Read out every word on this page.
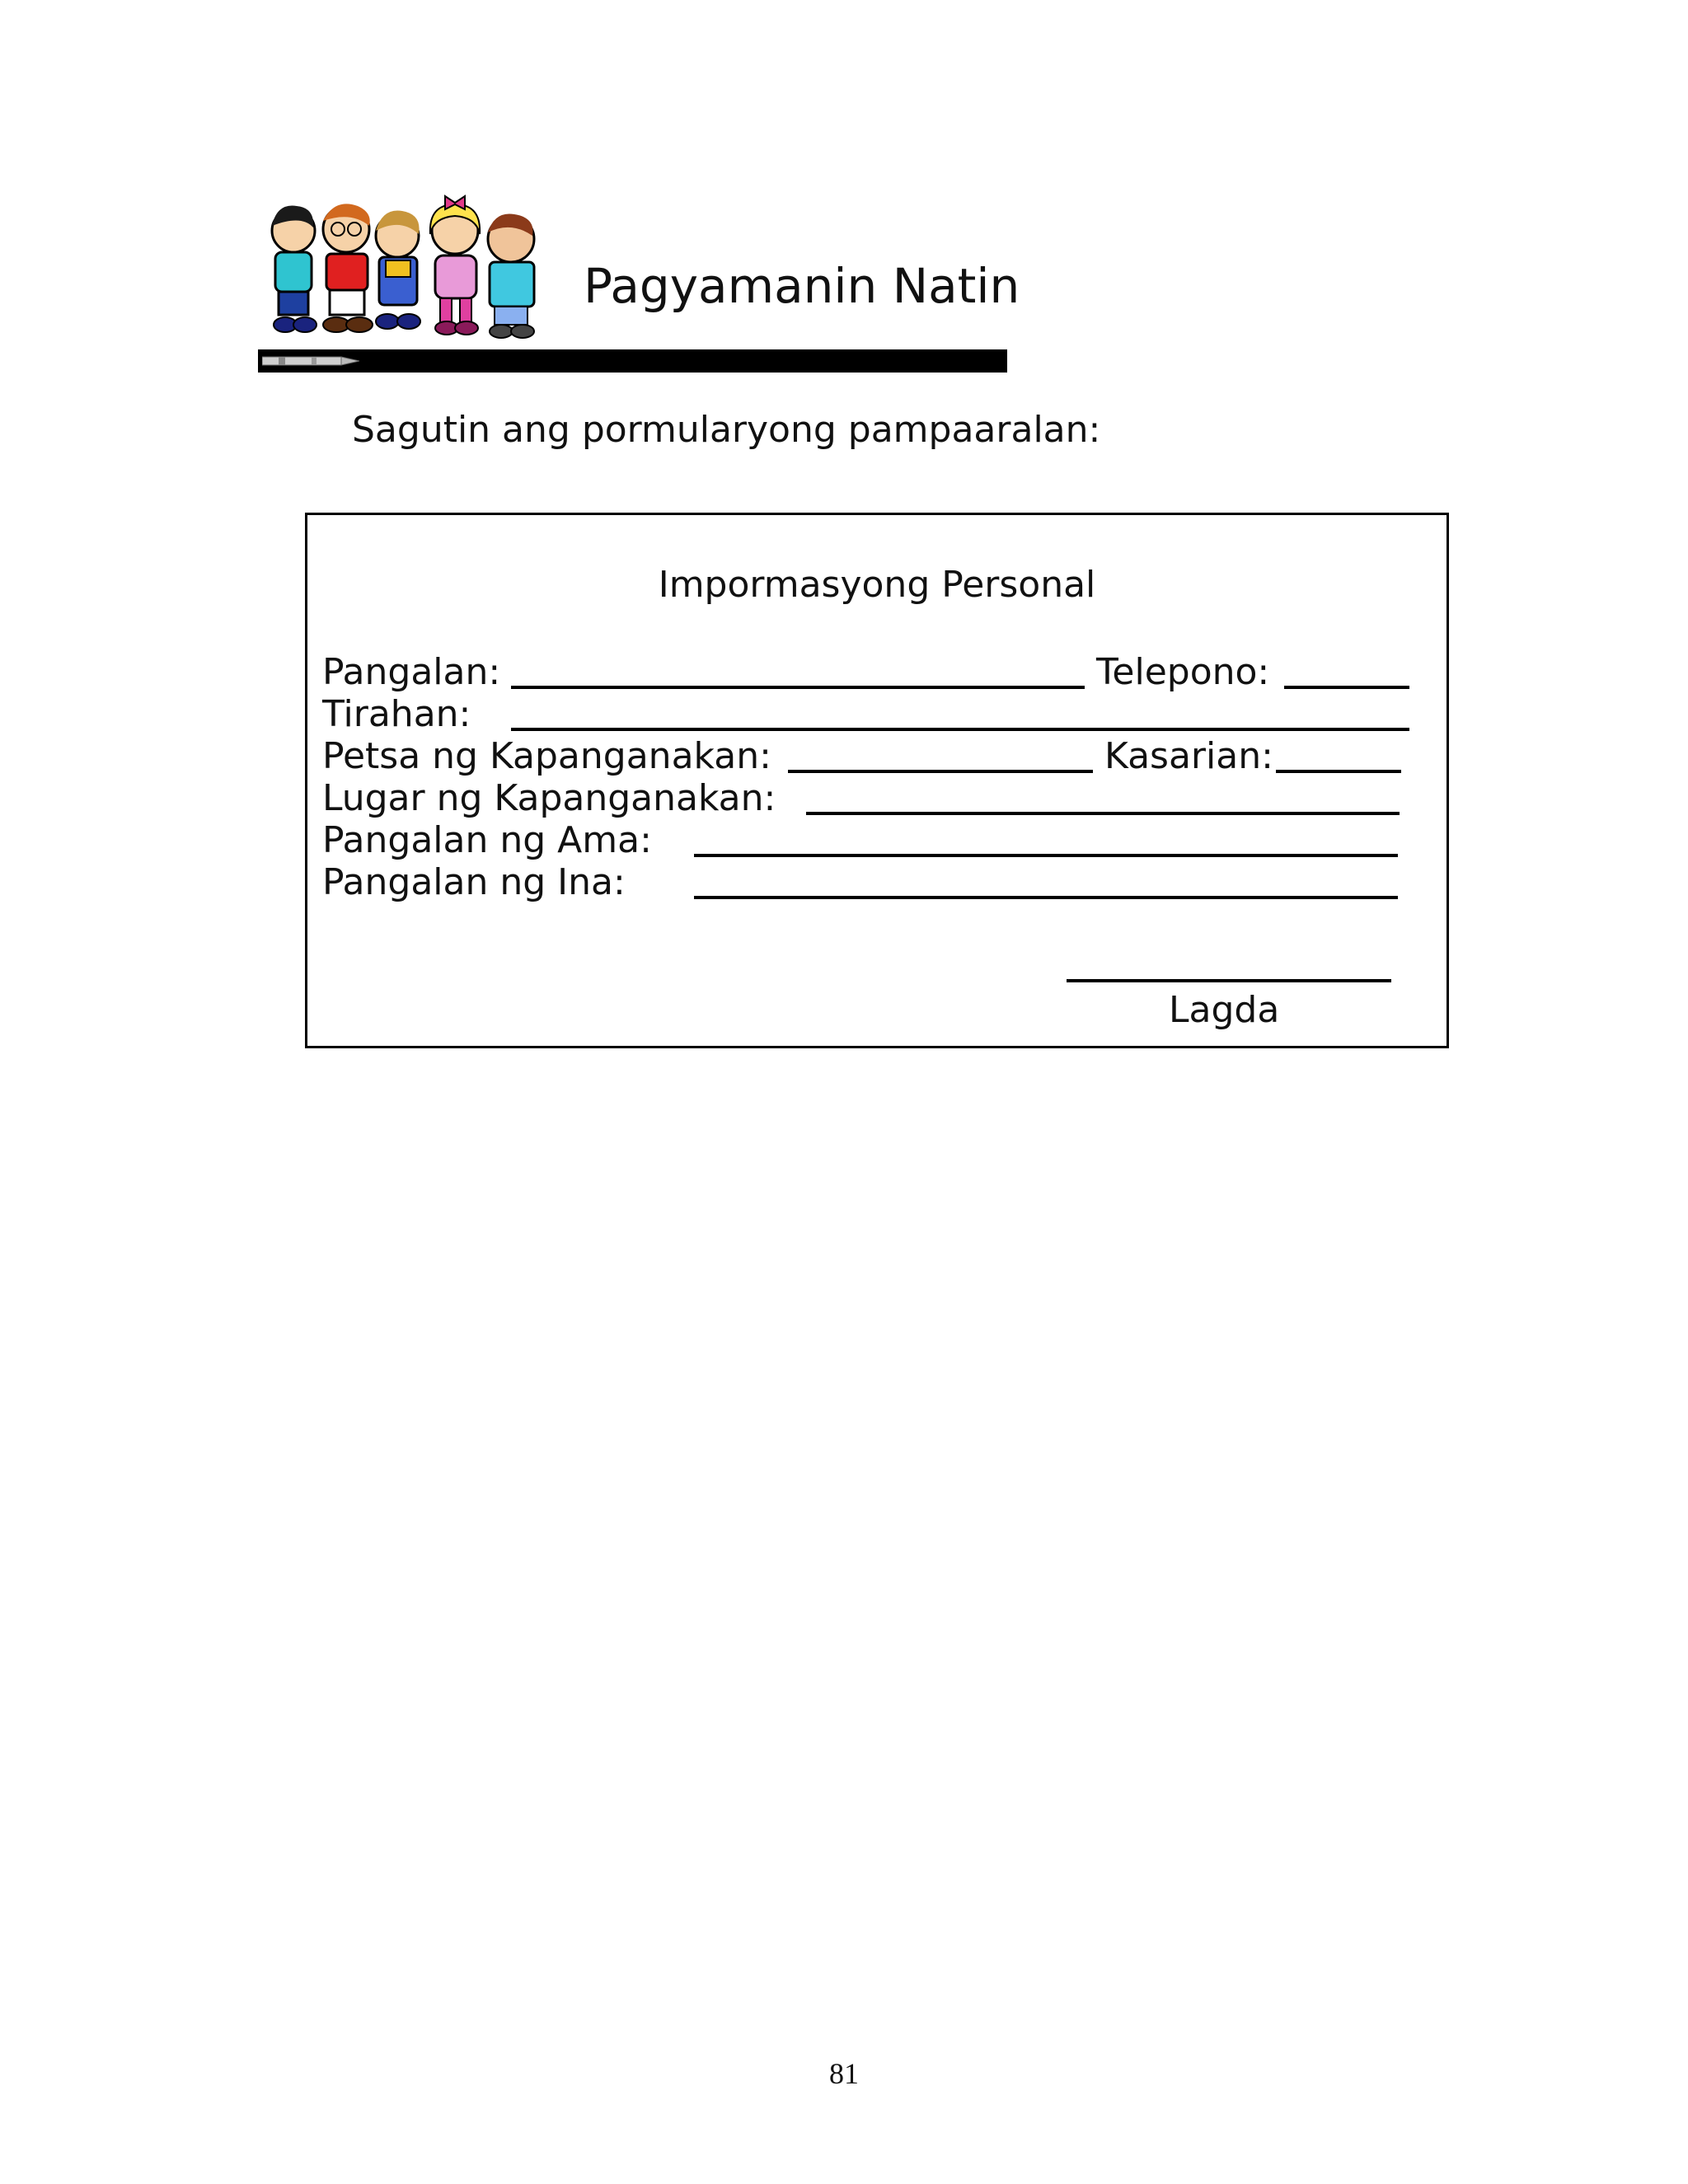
Pagyamanin Natin
Sagutin ang pormularyong pampaaralan:
Impormasyong Personal
Pangalan:	Telepono:
Tirahan:
Petsa ng Kapanganakan:	Kasarian:
Lugar ng Kapanganakan:
Pangalan ng Ama:
Pangalan ng Ina:
Lagda
81
